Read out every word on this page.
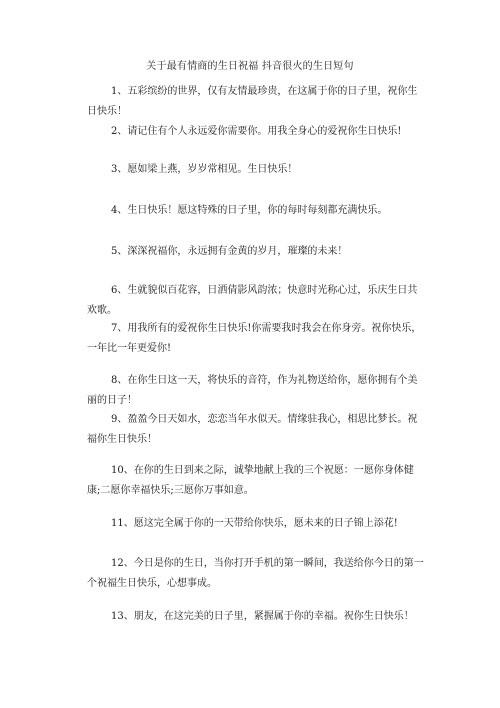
关于最有情商的生日祝福 抖音很火的生日短句

1、五彩缤纷的世界，仅有友情最珍贵，在这属于你的日子里，祝你生日快乐！

2、请记住有个人永远爱你需要你。用我全身心的爱祝你生日快乐!

3、愿如梁上燕，岁岁常相见。生日快乐！

4、生日快乐！愿这特殊的日子里，你的每时每刻都充满快乐。

5、深深祝福你，永远拥有金黄的岁月，璀璨的未来！

6、生就貌似百花容，日洒倩影风韵浓；快意时光称心过，乐庆生日共欢歌。

7、用我所有的爱祝你生日快乐!你需要我时我会在你身旁。祝你快乐，一年比一年更爱你!

8、在你生日这一天，将快乐的音符，作为礼物送给你，愿你拥有个美丽的日子！

9、盈盈今日天如水，恋恋当年水似天。情缘驻我心，相思比梦长。祝福你生日快乐！

10、在你的生日到来之际，诚挚地献上我的三个祝愿：一愿你身体健康;二愿你幸福快乐;三愿你万事如意。

11、愿这完全属于你的一天带给你快乐，愿未来的日子锦上添花!

12、今日是你的生日，当你打开手机的第一瞬间，我送给你今日的第一个祝福生日快乐，心想事成。

13、朋友，在这完美的日子里，紧握属于你的幸福。祝你生日快乐！
